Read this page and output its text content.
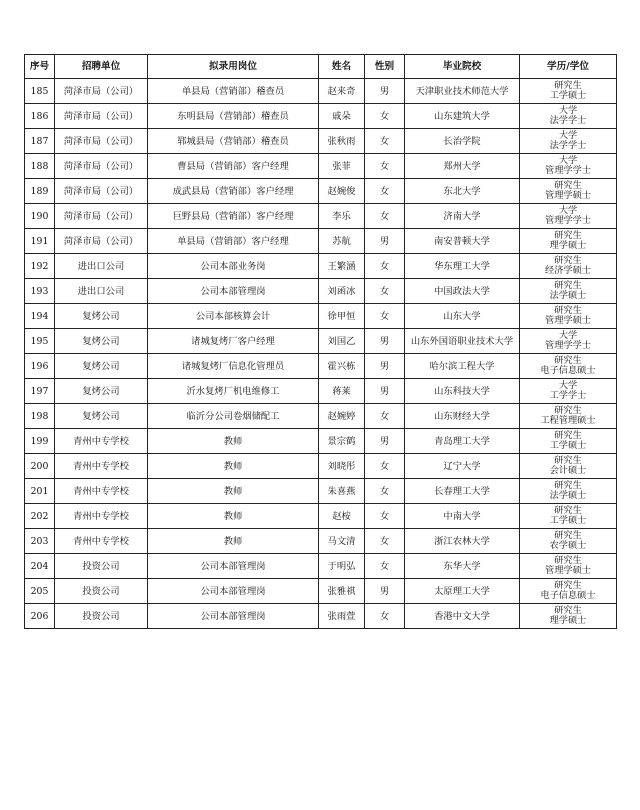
序号	招聘单位	拟录用岗位	姓名	性别	毕业院校	学历/学位
185	菏泽市局（公司）	单县局（营销部）稽查员	赵来奇	男	天津职业技术师范大学	研究生
工学硕士

186	菏泽市局（公司）	东明县局（营销部）稽查员	戚朵	女	山东建筑大学	大学
法学学士

187	菏泽市局（公司）	郓城县局（营销部）稽查员	张秋雨	女	长治学院	大学
法学学士

188	菏泽市局（公司）	曹县局（营销部）客户经理	张菲	女	郑州大学	大学
管理学学士

189	菏泽市局（公司）	成武县局（营销部）客户经理	赵婉俊	女	东北大学	研究生
管理学硕士

190	菏泽市局（公司）	巨野县局（营销部）客户经理	李乐	女	济南大学	大学
管理学学士

191	菏泽市局（公司）	单县局（营销部）客户经理	苏航	男	南安普顿大学	研究生
理学硕士

192	进出口公司	公司本部业务岗	王繁涵	女	华东理工大学	研究生
经济学硕士

193	进出口公司	公司本部管理岗	刘函冰	女	中国政法大学	研究生
法学硕士

194	复烤公司	公司本部核算会计	徐甲恒	女	山东大学	研究生
管理学硕士

195	复烤公司	诸城复烤厂客户经理	刘国乙	男	山东外国语职业技术大学	大学
管理学学士

196	复烤公司	诸城复烤厂信息化管理员	霍兴栋	男	哈尔滨工程大学	研究生
电子信息硕士

197	复烤公司	沂水复烤厂机电维修工	蒋莱	男	山东科技大学	大学
工学学士

198	复烤公司	临沂分公司卷烟储配工	赵婉婷	女	山东财经大学	研究生
工程管理硕士

199	青州中专学校	教师	景宗鹤	男	青岛理工大学	研究生
工学硕士

200	青州中专学校	教师	刘晓彤	女	辽宁大学	研究生
会计硕士

201	青州中专学校	教师	朱喜燕	女	长春理工大学	研究生
法学硕士

202	青州中专学校	教师	赵桉	女	中南大学	研究生
工学硕士

203	青州中专学校	教师	马文清	女	浙江农林大学	研究生
农学硕士

204	投资公司	公司本部管理岗	于明弘	女	东华大学	研究生
管理学硕士

205	投资公司	公司本部管理岗	张雅祺	男	太原理工大学	研究生
电子信息硕士

206	投资公司	公司本部管理岗	张雨萱	女	香港中文大学	研究生
理学硕士
